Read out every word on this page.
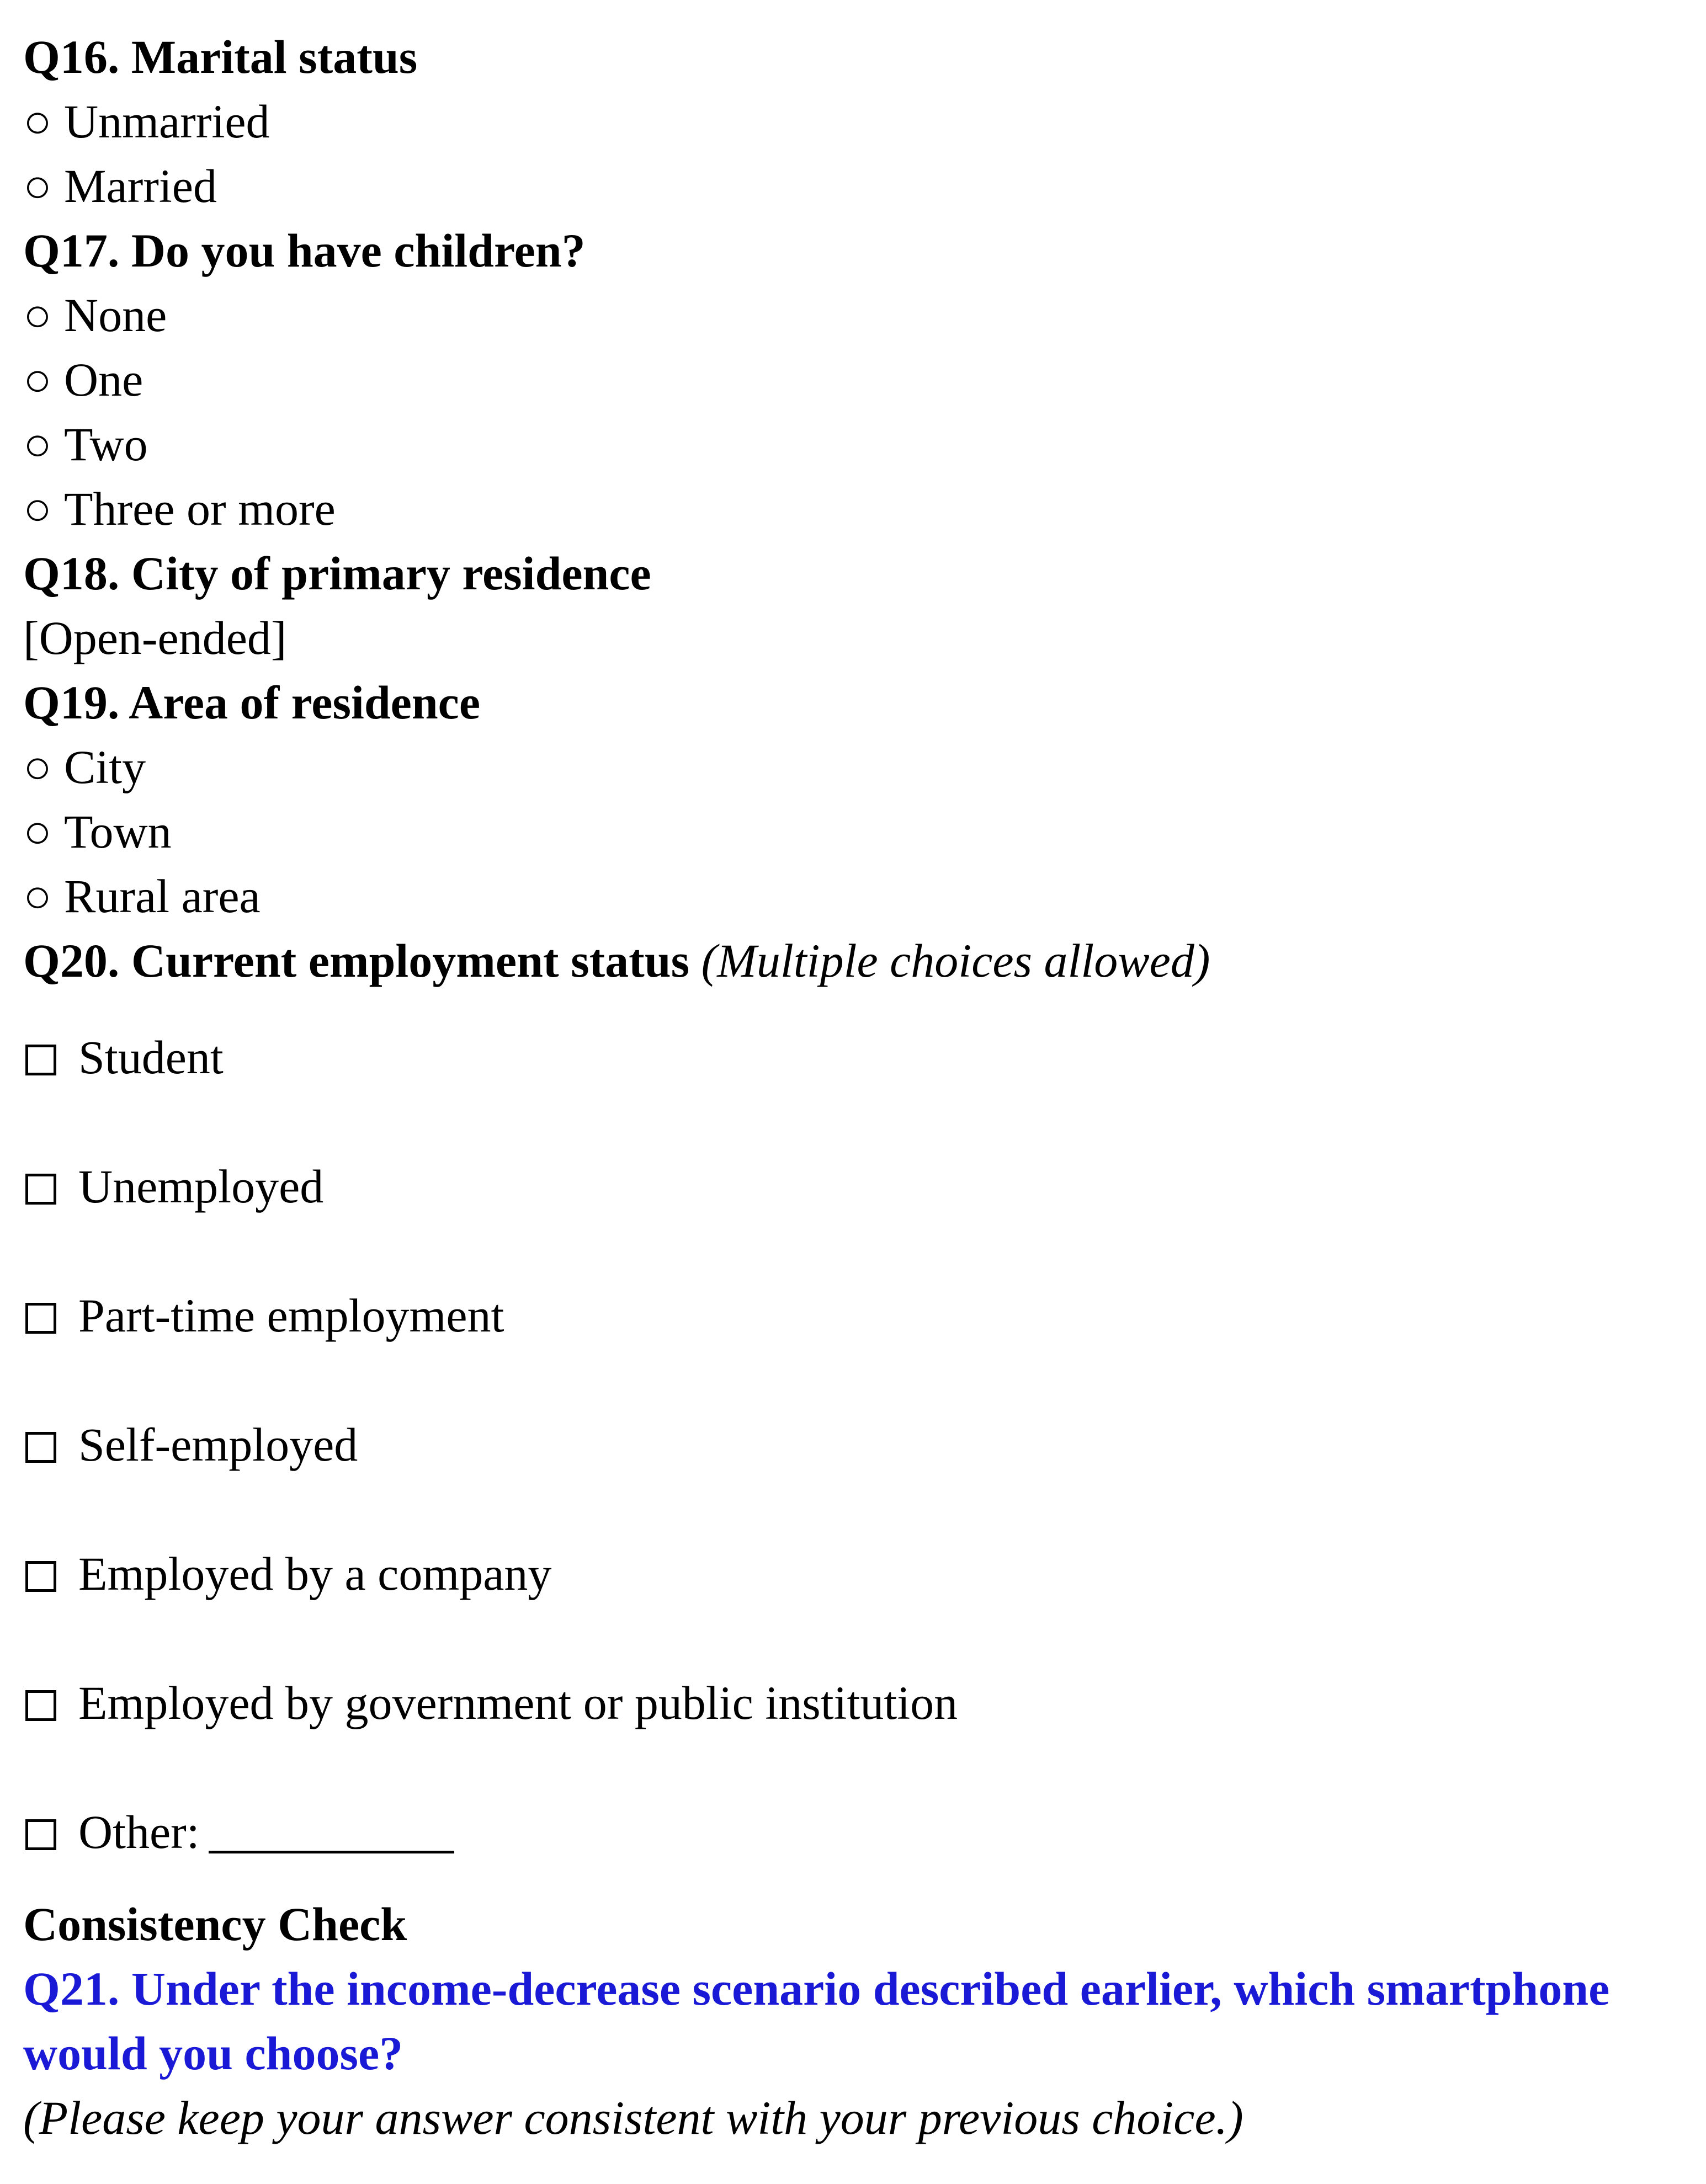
Q16. Marital status
○ Unmarried
○ Married
Q17. Do you have children?
○ None
○ One
○ Two
○ Three or more
Q18. City of primary residence
[Open-ended]
Q19. Area of residence
○ City
○ Town
○ Rural area
Q20. Current employment status (Multiple choices allowed)
Student
Unemployed
Part-time employment
Self-employed
Employed by a company
Employed by government or public institution
Other:
Consistency Check
Q21. Under the income-decrease scenario described earlier, which smartphone
would you choose?
(Please keep your answer consistent with your previous choice.)
